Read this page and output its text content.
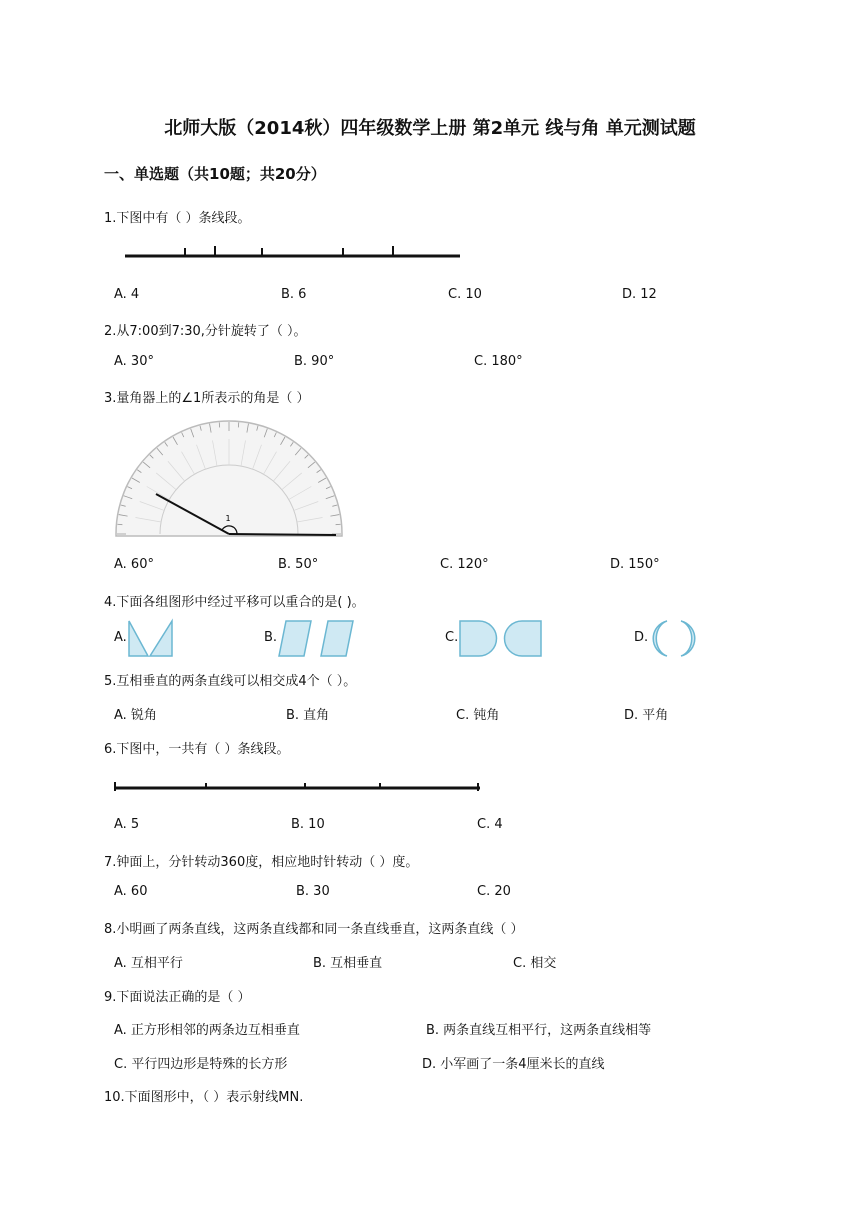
北师大版（2014秋）四年级数学上册 第2单元 线与角 单元测试题
一、单选题（共10题；共20分）
1.下图中有（ ）条线段。
A. 4	B. 6	C. 10	D. 12
2.从7:00到7:30,分针旋转了（ ）。
A. 30°	B. 90°	C. 180°
3.量角器上的∠1所表示的角是（ ）
1
A. 60°	B. 50°	C. 120°	D. 150°
4.下面各组图形中经过平移可以重合的是( )。
A.	B.	C.	D.
5.互相垂直的两条直线可以相交成4个（ ）。
A. 锐角	B. 直角	C. 钝角	D. 平角
6.下图中，一共有（ ）条线段。
A. 5	B. 10	C. 4
7.钟面上，分针转动360度，相应地时针转动（ ）度。
A. 60	B. 30	C. 20
8.小明画了两条直线，这两条直线都和同一条直线垂直，这两条直线（ ）
A. 互相平行	B. 互相垂直	C. 相交
9.下面说法正确的是（ ）
A. 正方形相邻的两条边互相垂直	B. 两条直线互相平行，这两条直线相等
C. 平行四边形是特殊的长方形	D. 小军画了一条4厘米长的直线
10.下面图形中，（ ）表示射线MN.
